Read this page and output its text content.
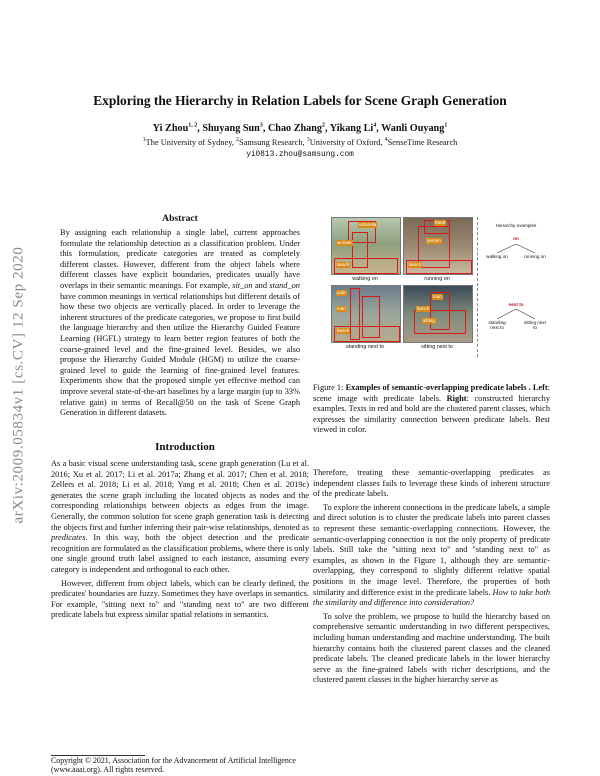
arXiv:2009.05834v1 [cs.CV] 12 Sep 2020
Exploring the Hierarchy in Relation Labels for Scene Graph Generation
Yi Zhou$^{1, 2}$, Shuyang Sun$^3$, Chao Zhang$^2$, Yikang Li$^4$, Wanli Ouyang$^1$
$^1$The University of Sydney, $^2$Samsung Research, $^3$University of Oxford, $^4$SenseTime Research
yi0813.zhou@samsung.com
Abstract

By assigning each relationship a single label, current approaches formulate the relationship detection as a classification problem. Under this formulation, predicate categories are treated as completely different classes. However, different from the object labels where different classes have explicit boundaries, predicates usually have overlaps in their semantic meanings. For example, sit_on and stand_on have common meanings in vertical relationships but different details of how these two objects are vertically placed. In order to leverage the inherent structures of the predicate categories, we propose to first build the language hierarchy and then utilize the Hierarchy Guided Feature Learning (HGFL) strategy to learn better region features of both the coarse-grained level and the fine-grained level. Besides, we also propose the Hierarchy Guided Module (HGM) to utilize the coarse-grained level to guide the learning of fine-grained level features. Experiments show that the proposed simple yet effective method can improve several state-of-the-art baselines by a large margin (up to 33% relative gain) in terms of Recall@50 on the task of Scene Graph Generation in different datasets.

Introduction

As a basic visual scene understanding task, scene graph generation (Lu et al. 2016; Xu et al. 2017; Li et al. 2017a; Zhang et al. 2017; Chen et al. 2018; Zellers et al. 2018; Li et al. 2018; Yang et al. 2018; Chen et al. 2019c) generates the scene graph including the located objects as nodes and the corresponding relationships between objects as edges from the image. Generally, the common solution for scene graph generation task is detecting the objects first and further inferring their pair-wise relationships, denoted as predicates. In this way, both the object detection and the predicate recognition are formulated as the classification problems, where there is only one single ground truth label assigned to each instance, assuming every category is independent and orthogonal to each other.

However, different from object labels, which can be clearly defined, the predicates' boundaries are fuzzy. Sometimes they have overlaps in semantics. For example, "sitting next to" and "standing next to" are two different predicate labels but express similar spatial relations in semantics.

Copyright © 2021, Association for the Advancement of Artificial Intelligence (www.aaai.org). All rights reserved.
umbrella
woman
beach
hand
person
beach
walking on	running on
pole
man
beach
bench
sitting
man
standing next to	sitting next to
Hierarchy examples
on
walking on	running on
next to
standing next to
sitting next to
Figure 1: Examples of semantic-overlapping predicate labels . Left: scene image with predicate labels. Right: constructed hierarchy examples. Texts in red and bold are the clustered parent classes, which expresses the similarity connection between predicate labels. Best viewed in color.

Therefore, treating these semantic-overlapping predicates as independent classes fails to leverage these kinds of inherent structure of the predicate labels.

To explore the inherent connections in the predicate labels, a simple and direct solution is to cluster the predicate labels into parent classes to represent these semantic-overlapping connections. However, the semantic-overlapping connection is not the only property of predicate labels. Still take the "sitting next to" and "standing next to" as examples, as shown in the Figure 1, although they are semantic-overlapping, they correspond to slightly different relative spatial positions in the image level. Therefore, the properties of both similarity and difference exist in the predicate labels. How to take both the similarity and difference into consideration?

To solve the problem, we propose to build the hierarchy based on comprehensive semantic understanding in two different perspectives, including human understanding and machine understanding. The built hierarchy contains both the clustered parent classes and the cleaned predicate labels. The cleaned predicate labels in the lower hierarchy serve as the fine-grained labels with richer descriptions, and the clustered parent classes in the higher hierarchy serve as
